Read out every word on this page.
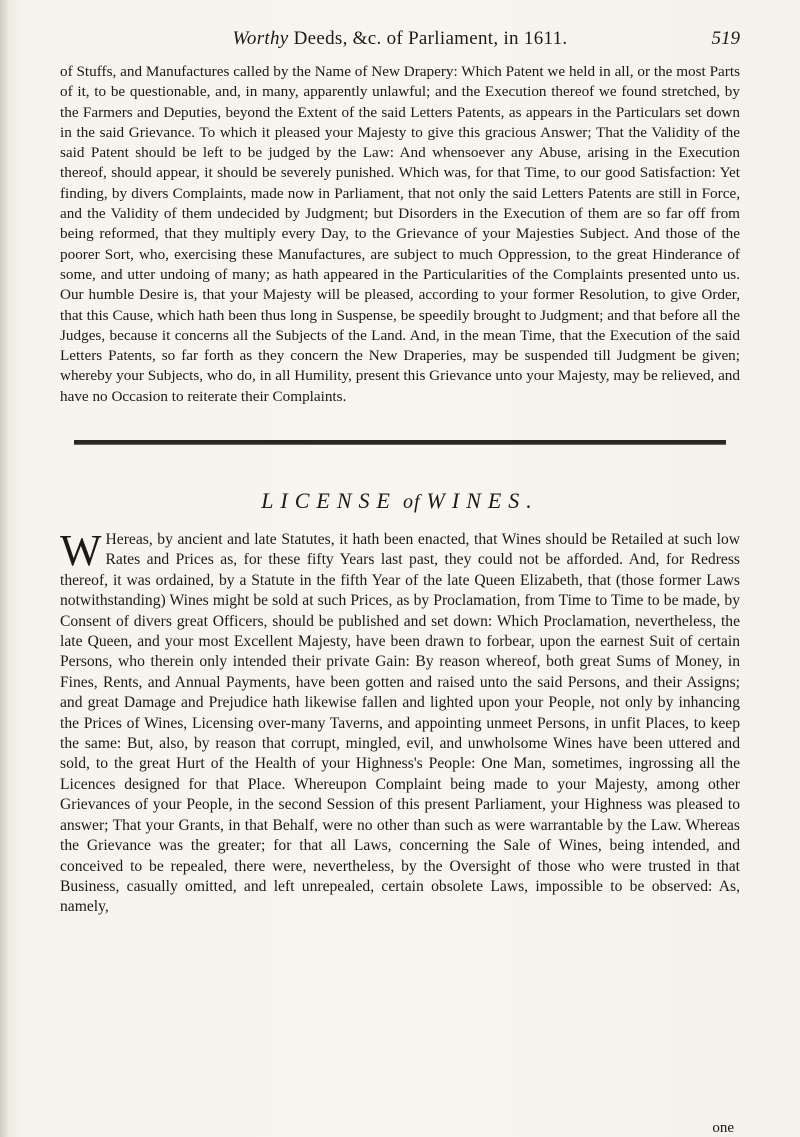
Worthy Deeds, &c. of Parliament, in 1611.	519

of Stuffs, and Manufactures called by the Name of New Drapery: Which Patent we held in all, or the most Parts of it, to be questionable, and, in many, apparently unlawful; and the Execution thereof we found stretched, by the Farmers and Deputies, beyond the Extent of the said Letters Patents, as appears in the Particulars set down in the said Grievance. To which it pleased your Majesty to give this gracious Answer; That the Validity of the said Patent should be left to be judged by the Law: And whensoever any Abuse, arising in the Execution thereof, should appear, it should be severely punished. Which was, for that Time, to our good Satisfaction: Yet finding, by divers Complaints, made now in Parliament, that not only the said Letters Patents are still in Force, and the Validity of them undecided by Judgment; but Disorders in the Execution of them are so far off from being reformed, that they multiply every Day, to the Grievance of your Majesties Subject. And those of the poorer Sort, who, exercising these Manufactures, are subject to much Oppression, to the great Hinderance of some, and utter undoing of many; as hath appeared in the Particularities of the Complaints presented unto us. Our humble Desire is, that your Majesty will be pleased, according to your former Resolution, to give Order, that this Cause, which hath been thus long in Suspense, be speedily brought to Judgment; and that before all the Judges, because it concerns all the Subjects of the Land. And, in the mean Time, that the Execution of the said Letters Patents, so far forth as they concern the New Draperies, may be suspended till Judgment be given; whereby your Subjects, who do, in all Humility, present this Grievance unto your Majesty, may be relieved, and have no Occasion to reiterate their Complaints.

LICENSE of WINES.
W Hereas, by ancient and late Statutes, it hath been enacted, that Wines should be Retailed at such low Rates and Prices as, for these fifty Years last past, they could not be afforded. And, for Redress thereof, it was ordained, by a Statute in the fifth Year of the late Queen Elizabeth, that (those former Laws notwithstanding) Wines might be sold at such Prices, as by Proclamation, from Time to Time to be made, by Consent of divers great Officers, should be published and set down: Which Proclamation, nevertheless, the late Queen, and your most Excellent Majesty, have been drawn to forbear, upon the earnest Suit of certain Persons, who therein only intended their private Gain: By reason whereof, both great Sums of Money, in Fines, Rents, and Annual Payments, have been gotten and raised unto the said Persons, and their Assigns; and great Damage and Prejudice hath likewise fallen and lighted upon your People, not only by inhancing the Prices of Wines, Licensing over-many Taverns, and appointing unmeet Persons, in unfit Places, to keep the same: But, also, by reason that corrupt, mingled, evil, and unwholsome Wines have been uttered and sold, to the great Hurt of the Health of your Highness's People: One Man, sometimes, ingrossing all the Licences designed for that Place. Whereupon Complaint being made to your Majesty, among other Grievances of your People, in the second Session of this present Parliament, your Highness was pleased to answer; That your Grants, in that Behalf, were no other than such as were warrantable by the Law. Whereas the Grievance was the greater; for that all Laws, concerning the Sale of Wines, being intended, and conceived to be repealed, there were, nevertheless, by the Oversight of those who were trusted in that Business, casually omitted, and left unrepealed, certain obsolete Laws, impossible to be observed: As, namely,

one
